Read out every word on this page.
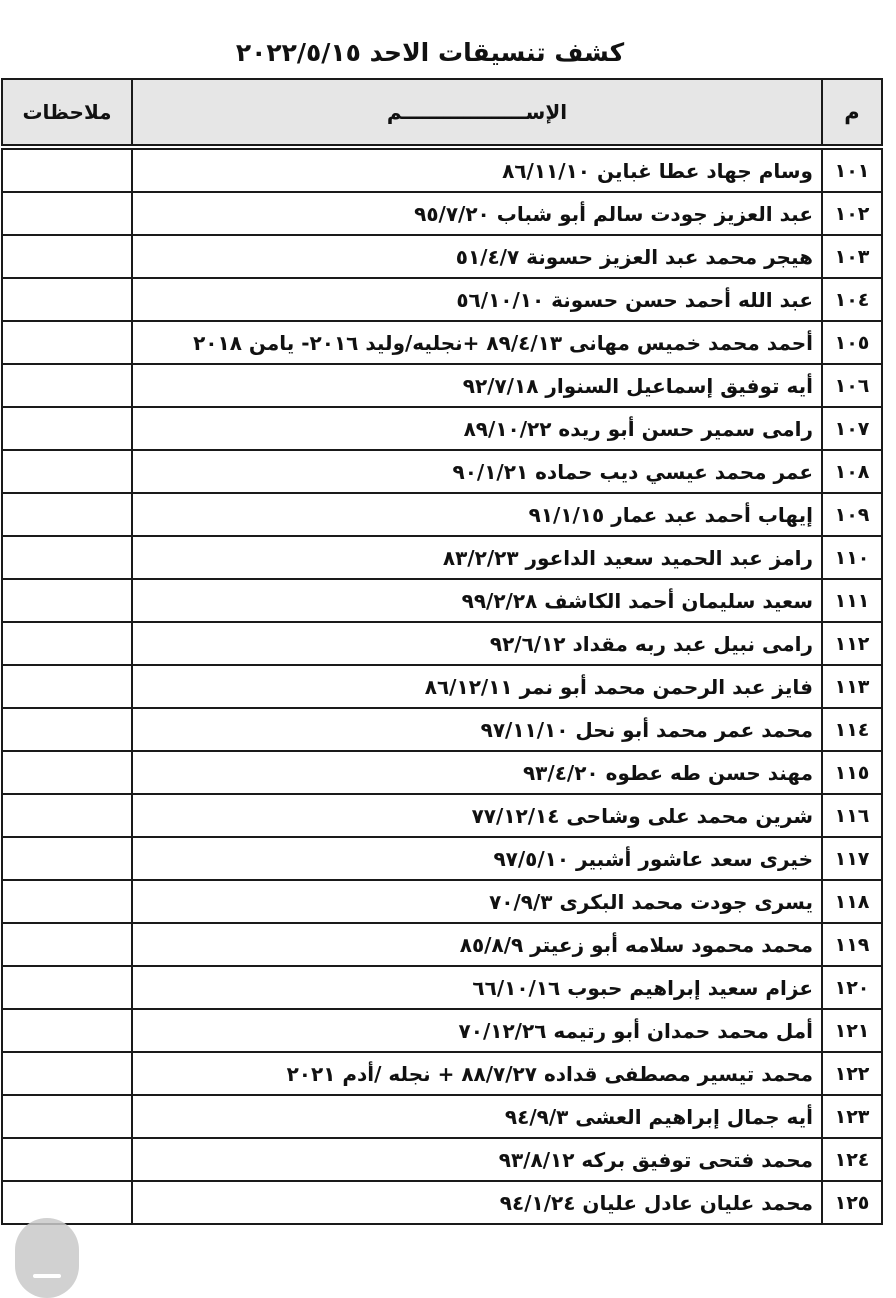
كشف تنسيقات الاحد ٢٠٢٢/٥/١٥
م	الإســــــــــــــــــم	ملاحظات
١٠١	وسام جهاد عطا غباين ٨٦/١١/١٠	
١٠٢	عبد العزيز جودت سالم أبو شباب ٩٥/٧/٢٠	
١٠٣	هيجر محمد عبد العزيز حسونة ٥١/٤/٧	
١٠٤	عبد الله أحمد حسن حسونة ٥٦/١٠/١٠	
١٠٥	أحمد محمد خميس مهانى ٨٩/٤/١٣ +نجليه/وليد ٢٠١٦- يامن ٢٠١٨	
١٠٦	أيه توفيق إسماعيل السنوار ٩٢/٧/١٨	
١٠٧	رامى سمير حسن أبو ريده ٨٩/١٠/٢٢	
١٠٨	عمر محمد عيسي ديب حماده ٩٠/١/٢١	
١٠٩	إيهاب أحمد عبد عمار ٩١/١/١٥	
١١٠	رامز عبد الحميد سعيد الداعور ٨٣/٢/٢٣	
١١١	سعيد سليمان أحمد الكاشف ٩٩/٢/٢٨	
١١٢	رامى نبيل عبد ربه مقداد ٩٢/٦/١٢	
١١٣	فايز عبد الرحمن محمد أبو نمر ٨٦/١٢/١١	
١١٤	محمد عمر محمد أبو نحل ٩٧/١١/١٠	
١١٥	مهند حسن طه عطوه ٩٣/٤/٢٠	
١١٦	شرين محمد على وشاحى ٧٧/١٢/١٤	
١١٧	خيرى سعد عاشور أشبير ٩٧/٥/١٠	
١١٨	يسرى جودت محمد البكرى ٧٠/٩/٣	
١١٩	محمد محمود سلامه أبو زعيتر ٨٥/٨/٩	
١٢٠	عزام سعيد إبراهيم حبوب ٦٦/١٠/١٦	
١٢١	أمل محمد حمدان أبو رتيمه ٧٠/١٢/٢٦	
١٢٢	محمد تيسير مصطفى قداده ٨٨/٧/٢٧ + نجله /أدم ٢٠٢١	
١٢٣	أيه جمال إبراهيم العشى ٩٤/٩/٣	
١٢٤	محمد فتحى توفيق بركه ٩٣/٨/١٢	
١٢٥	محمد عليان عادل عليان ٩٤/١/٢٤	
